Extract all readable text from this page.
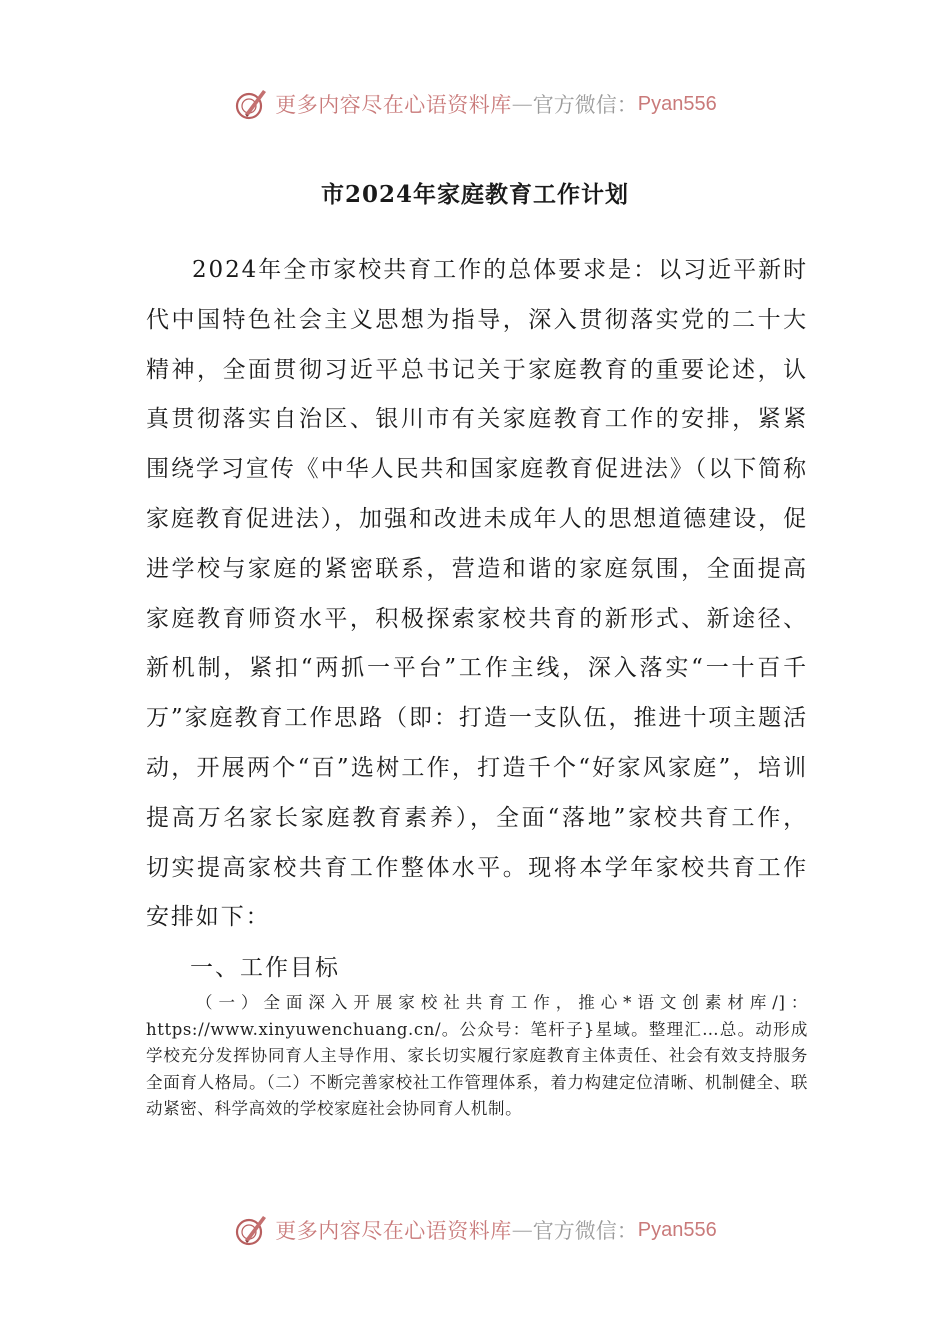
更多内容尽在心语资料库 — 官方微信： Pyan556
市2024年家庭教育工作计划

2024年全市家校共育工作的总体要求是：以习近平新时代中国特色社会主义思想为指导，深入贯彻落实党的二十大精神，全面贯彻习近平总书记关于家庭教育的重要论述，认真贯彻落实自治区、银川市有关家庭教育工作的安排，紧紧围绕学习宣传《中华人民共和国家庭教育促进法》（以下简称家庭教育促进法），加强和改进未成年人的思想道德建设，促进学校与家庭的紧密联系，营造和谐的家庭氛围，全面提高家庭教育师资水平，积极探索家校共育的新形式、新途径、新机制，紧扣“两抓一平台”工作主线，深入落实“一十百千万”家庭教育工作思路（即：打造一支队伍，推进十项主题活动，开展两个“百”选树工作，打造千个“好家风家庭”，培训提高万名家长家庭教育素养），全面“落地”家校共育工作，切实提高家校共育工作整体水平。现将本学年家校共育工作安排如下：

一、工作目标

（一）全面深入开展家校社共育工作，推心*语文创素材库/]：https://www.xinyuwenchuang.cn/。公众号：笔杆子}星域。整理汇…总。动形成学校充分发挥协同育人主导作用、家长切实履行家庭教育主体责任、社会有效支持服务全面育人格局。（二）不断完善家校社工作管理体系，着力构建定位清晰、机制健全、联动紧密、科学高效的学校家庭社会协同育人机制。

更多内容尽在心语资料库 — 官方微信： Pyan556
